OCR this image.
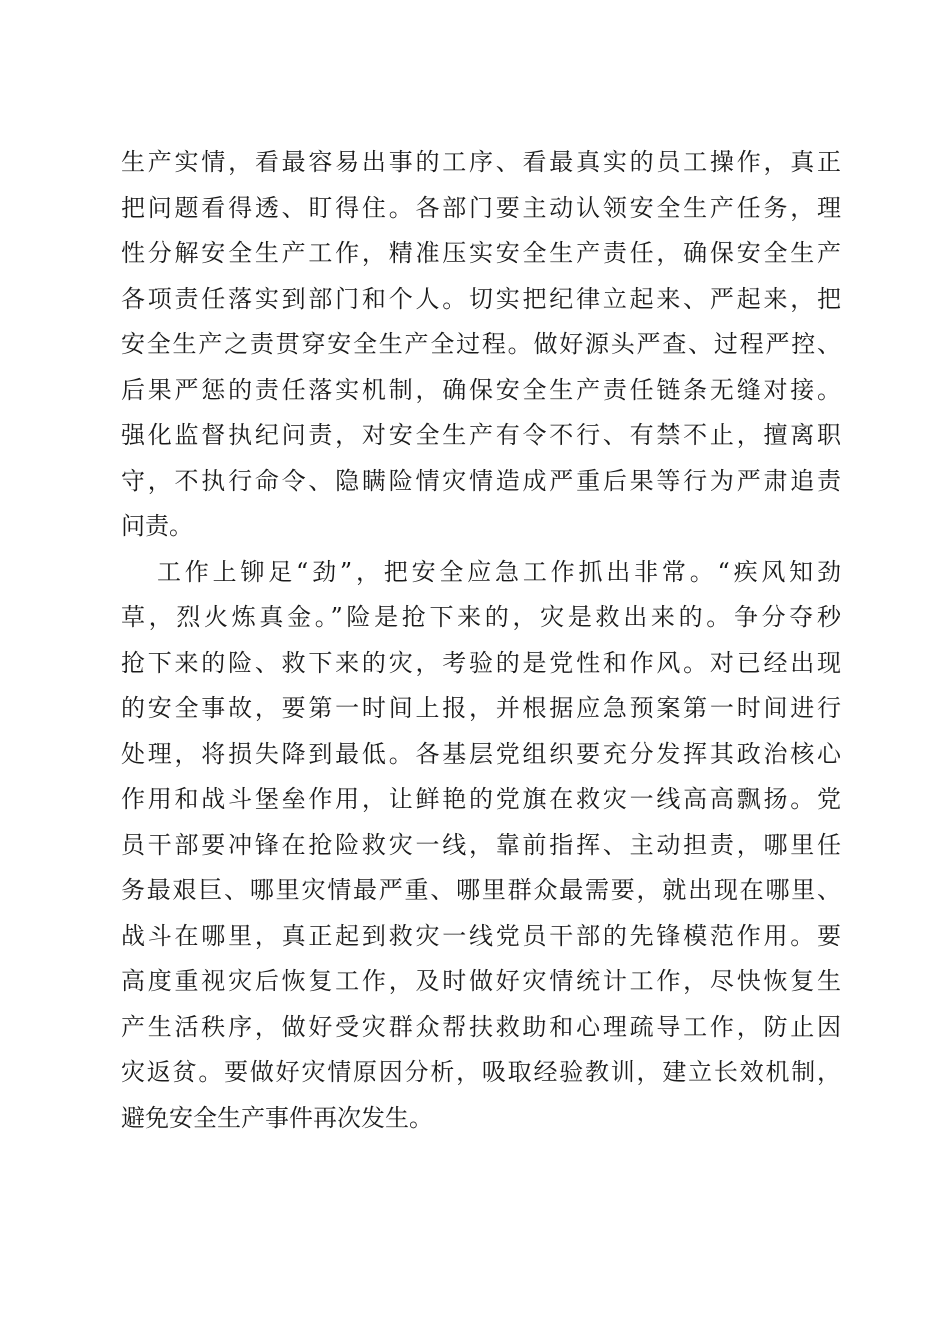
生产实情，看最容易出事的工序、看最真实的员工操作，真正
把问题看得透、盯得住。各部门要主动认领安全生产任务，理
性分解安全生产工作，精准压实安全生产责任，确保安全生产
各项责任落实到部门和个人。切实把纪律立起来、严起来，把
安全生产之责贯穿安全生产全过程。做好源头严查、过程严控、
后果严惩的责任落实机制，确保安全生产责任链条无缝对接。
强化监督执纪问责，对安全生产有令不行、有禁不止，擅离职
守，不执行命令、隐瞒险情灾情造成严重后果等行为严肃追责
问责。
工作上铆足“劲”，把安全应急工作抓出非常。“疾风知劲
草，烈火炼真金。”险是抢下来的，灾是救出来的。争分夺秒
抢下来的险、救下来的灾，考验的是党性和作风。对已经出现
的安全事故，要第一时间上报，并根据应急预案第一时间进行
处理，将损失降到最低。各基层党组织要充分发挥其政治核心
作用和战斗堡垒作用，让鲜艳的党旗在救灾一线高高飘扬。党
员干部要冲锋在抢险救灾一线，靠前指挥、主动担责，哪里任
务最艰巨、哪里灾情最严重、哪里群众最需要，就出现在哪里、
战斗在哪里，真正起到救灾一线党员干部的先锋模范作用。要
高度重视灾后恢复工作，及时做好灾情统计工作，尽快恢复生
产生活秩序，做好受灾群众帮扶救助和心理疏导工作，防止因
灾返贫。要做好灾情原因分析，吸取经验教训，建立长效机制，
避免安全生产事件再次发生。
